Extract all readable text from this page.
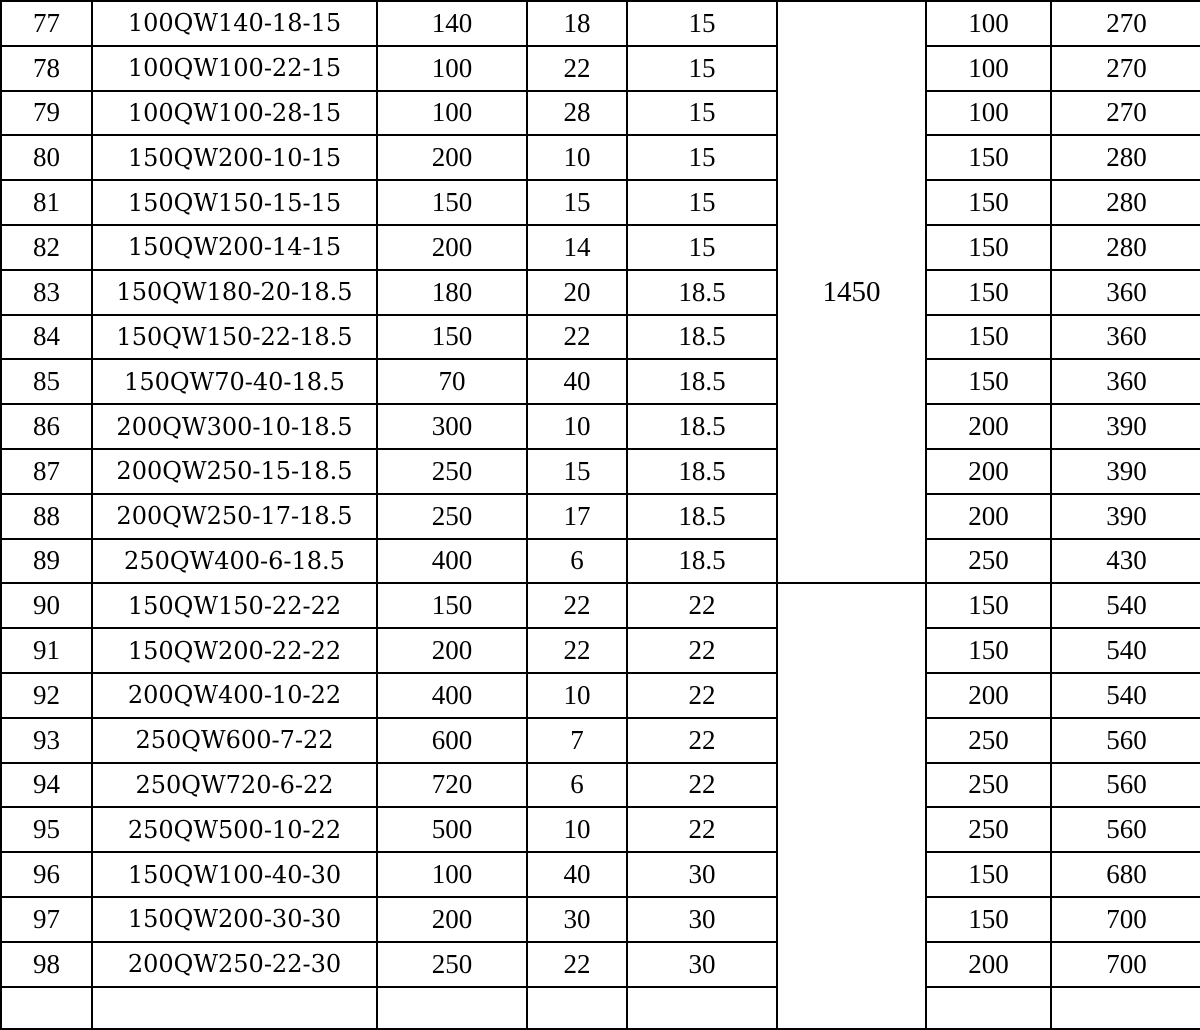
77	100QW140-18-15	140	18	15	1450	100	270
78	100QW100-22-15	100	22	15		100	270
79	100QW100-28-15	100	28	15		100	270
80	150QW200-10-15	200	10	15		150	280
81	150QW150-15-15	150	15	15		150	280
82	150QW200-14-15	200	14	15		150	280
83	150QW180-20-18.5	180	20	18.5		150	360
84	150QW150-22-18.5	150	22	18.5		150	360
85	150QW70-40-18.5	70	40	18.5		150	360
86	200QW300-10-18.5	300	10	18.5		200	390
87	200QW250-15-18.5	250	15	18.5		200	390
88	200QW250-17-18.5	250	17	18.5		200	390
89	250QW400-6-18.5	400	6	18.5		250	430
90	150QW150-22-22	150	22	22		150	540
91	150QW200-22-22	200	22	22		150	540
92	200QW400-10-22	400	10	22		200	540
93	250QW600-7-22	600	7	22		250	560
94	250QW720-6-22	720	6	22		250	560
95	250QW500-10-22	500	10	22		250	560
96	150QW100-40-30	100	40	30		150	680
97	150QW200-30-30	200	30	30		150	700
98	200QW250-22-30	250	22	30		200	700
